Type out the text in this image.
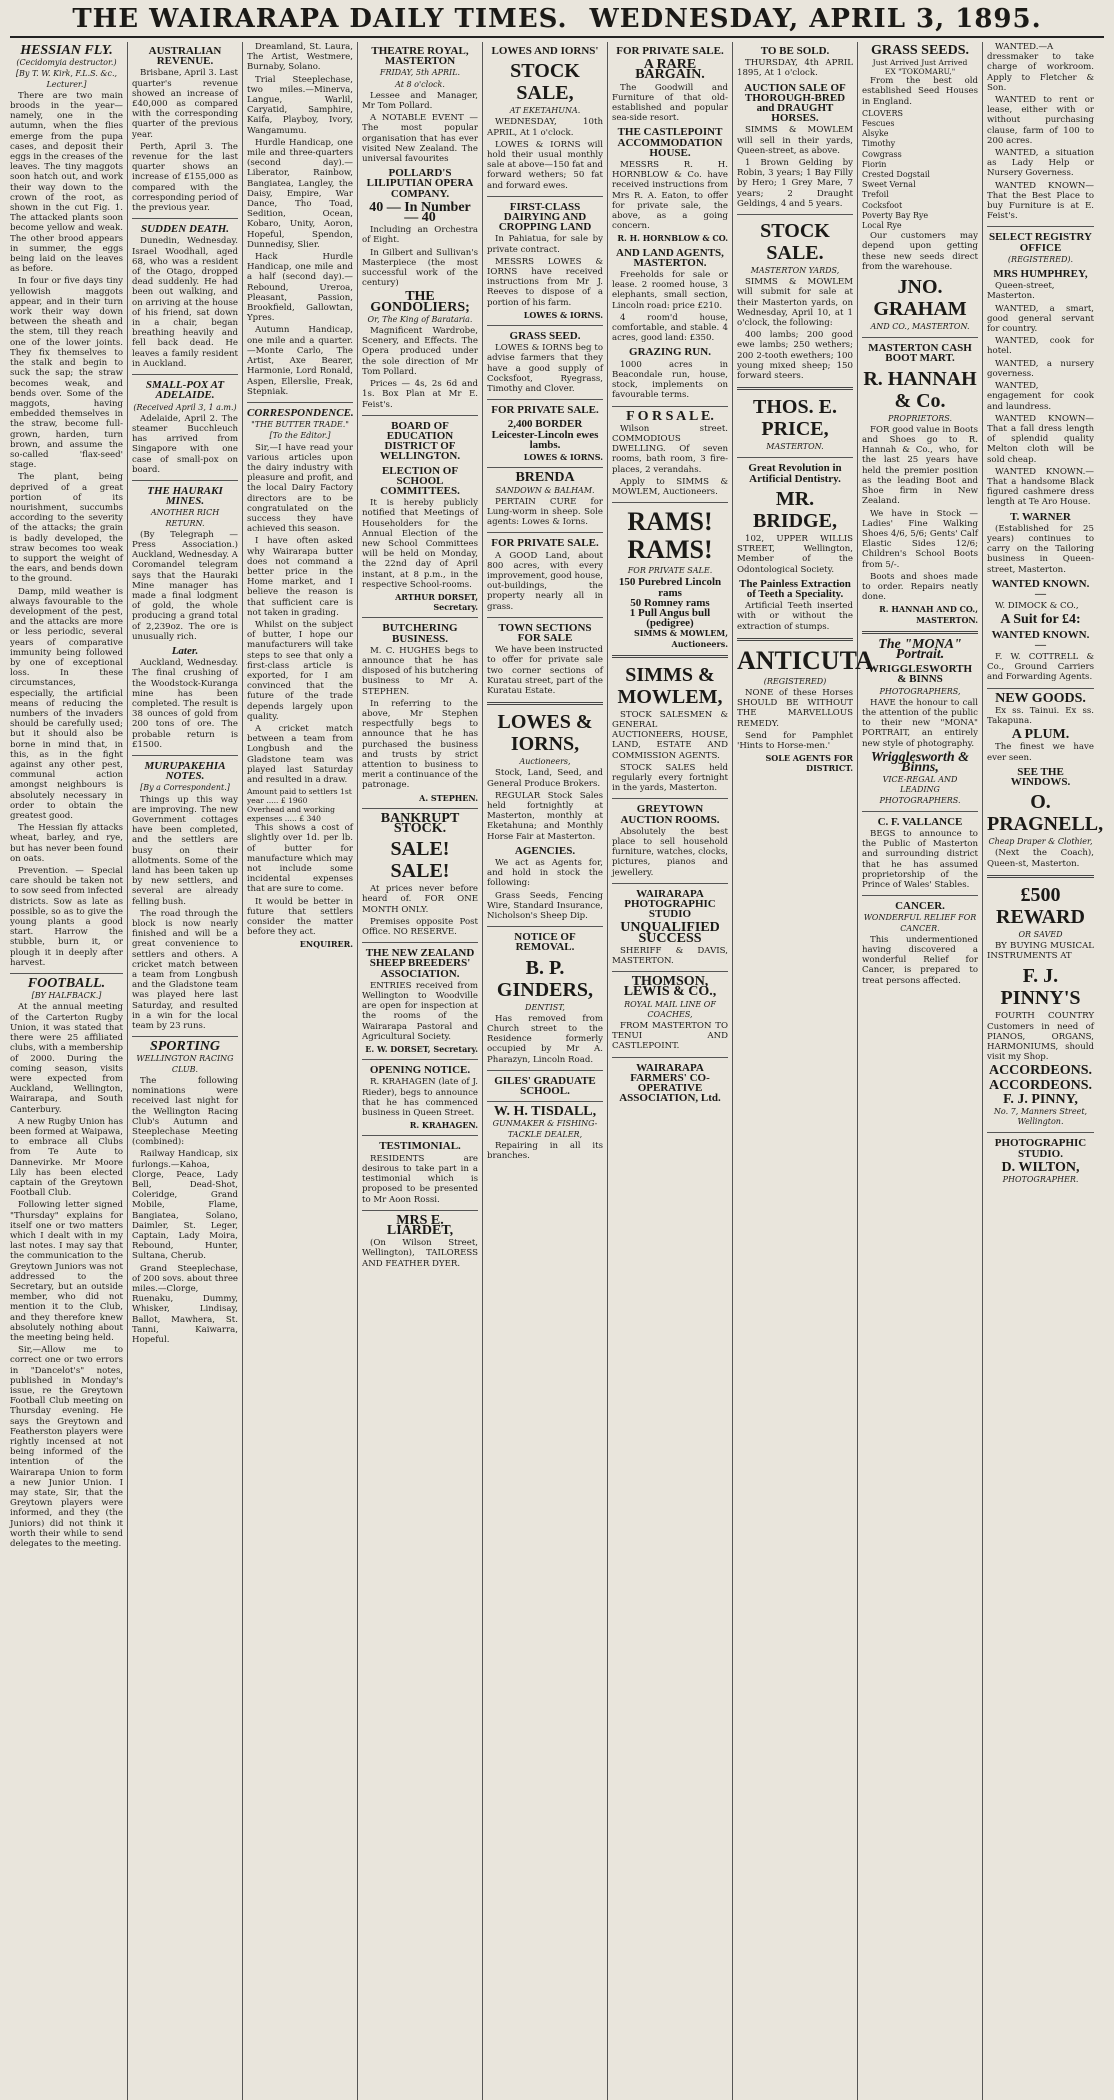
THE WAIRARAPA DAILY TIMES. WEDNESDAY, APRIL 3, 1895.
HESSIAN FLY.
(Cecidomyia destructor.)
[By T. W. Kirk, F.L.S. &c., Lecturer.]

There are two main broods in the year—namely, one in the autumn, when the flies emerge from the pupa cases, and deposit their eggs in the creases of the leaves. The tiny maggots soon hatch out, and work their way down to the crown of the root, as shown in the cut Fig. 1. The attacked plants soon become yellow and weak. The other brood appears in summer, the eggs being laid on the leaves as before.

In four or five days tiny yellowish maggots appear, and in their turn work their way down between the sheath and the stem, till they reach one of the lower joints. They fix themselves to the stalk and begin to suck the sap; the straw becomes weak, and bends over. Some of the maggots, having embedded themselves in the straw, become full-grown, harden, turn brown, and assume the so-called 'flax-seed' stage.

The plant, being deprived of a great portion of its nourishment, succumbs according to the severity of the attacks; the grain is badly developed, the straw becomes too weak to support the weight of the ears, and bends down to the ground.

Damp, mild weather is always favourable to the development of the pest, and the attacks are more or less periodic, several years of comparative immunity being followed by one of exceptional loss. In these circumstances, especially, the artificial means of reducing the numbers of the invaders should be carefully used; but it should also be borne in mind that, in this, as in the fight against any other pest, communal action amongst neighbours is absolutely necessary in order to obtain the greatest good.

The Hessian fly attacks wheat, barley, and rye, but has never been found on oats.

Prevention. — Special care should be taken not to sow seed from infected districts. Sow as late as possible, so as to give the young plants a good start. Harrow the stubble, burn it, or plough it in deeply after harvest.

FOOTBALL.
[BY HALFBACK.]

At the annual meeting of the Carterton Rugby Union, it was stated that there were 25 affiliated clubs, with a membership of 2000. During the coming season, visits were expected from Auckland, Wellington, Wairarapa, and South Canterbury.

A new Rugby Union has been formed at Waipawa, to embrace all Clubs from Te Aute to Dannevirke. Mr Moore Lily has been elected captain of the Greytown Football Club.

Following letter signed "Thursday" explains for itself one or two matters which I dealt with in my last notes. I may say that the communication to the Greytown Juniors was not addressed to the Secretary, but an outside member, who did not mention it to the Club, and they therefore knew absolutely nothing about the meeting being held.

Sir,—Allow me to correct one or two errors in "Dancelot's" notes, published in Monday's issue, re the Greytown Football Club meeting on Thursday evening. He says the Greytown and Featherston players were rightly incensed at not being informed of the intention of the Wairarapa Union to form a new Junior Union. I may state, Sir, that the Greytown players were informed, and they (the Juniors) did not think it worth their while to send delegates to the meeting.

AUSTRALIAN REVENUE.

Brisbane, April 3. Last quarter's revenue showed an increase of £40,000 as compared with the corresponding quarter of the previous year.

Perth, April 3. The revenue for the last quarter shows an increase of £155,000 as compared with the corresponding period of the previous year.

SUDDEN DEATH.

Dunedin, Wednesday. Israel Woodhall, aged 68, who was a resident of the Otago, dropped dead suddenly. He had been out walking, and on arriving at the house of his friend, sat down in a chair, began breathing heavily and fell back dead. He leaves a family resident in Auckland.

SMALL-POX AT ADELAIDE.
(Received April 3, 1 a.m.)

Adelaide, April 2. The steamer Bucchleuch has arrived from Singapore with one case of small-pox on board.

THE HAURAKI MINES.
ANOTHER RICH RETURN.

(By Telegraph — Press Association.) Auckland, Wednesday. A Coromandel telegram says that the Hauraki Mine manager has made a final lodgment of gold, the whole producing a grand total of 2,239oz. The ore is unusually rich.

Later.

Auckland, Wednesday. The final crushing of the Woodstock-Kuranga mine has been completed. The result is 38 ounces of gold from 200 tons of ore. The probable return is £1500.

MURUPAKEHIA NOTES.
[By a Correspondent.]

Things up this way are improving. The new Government cottages have been completed, and the settlers are busy on their allotments. Some of the land has been taken up by new settlers, and several are already felling bush.

The road through the block is now nearly finished and will be a great convenience to settlers and others. A cricket match between a team from Longbush and the Gladstone team was played here last Saturday, and resulted in a win for the local team by 23 runs.

SPORTING
WELLINGTON RACING CLUB.

The following nominations were received last night for the Wellington Racing Club's Autumn and Steeplechase Meeting (combined):

Railway Handicap, six furlongs.—Kahoa, Clorge, Peace, Lady Bell, Dead-Shot, Coleridge, Grand Mobile, Flame, Bangiatea, Solano, Daimler, St. Leger, Captain, Lady Moira, Rebound, Hunter, Sultana, Cherub.

Grand Steeplechase, of 200 sovs. about three miles.—Clorge, Ruenaku, Dummy, Whisker, Lindisay, Ballot, Mawhera, St. Tanni, Kaiwarra, Hopeful.

Dreamland, St. Laura, The Artist, Westmere, Burnaby, Solano.

Trial Steeplechase, two miles.—Minerva, Langue, Warlil, Caryatid, Samphire, Kaifa, Playboy, Ivory, Wangamumu.

Hurdle Handicap, one mile and three-quarters (second day).—Liberator, Rainbow, Bangiatea, Langley, the Daisy, Empire, War Dance, Tho Toad, Sedition, Ocean, Kobaro, Unity, Aoron, Hopeful, Spendon, Dunnedisy, Slier.

Hack Hurdle Handicap, one mile and a half (second day).—Rebound, Ureroa, Pleasant, Passion, Brookfield, Gallowtan, Ypres.

Autumn Handicap, one mile and a quarter.—Monte Carlo, The Artist, Axe Bearer, Harmonie, Lord Ronald, Aspen, Ellerslie, Freak, Stepniak.

CORRESPONDENCE.
"THE BUTTER TRADE."
[To the Editor.]

Sir,—I have read your various articles upon the dairy industry with pleasure and profit, and the local Dairy Factory directors are to be congratulated on the success they have achieved this season.

I have often asked why Wairarapa butter does not command a better price in the Home market, and I believe the reason is that sufficient care is not taken in grading.

Whilst on the subject of butter, I hope our manufacturers will take steps to see that only a first-class article is exported, for I am convinced that the future of the trade depends largely upon quality.

A cricket match between a team from Longbush and the Gladstone team was played last Saturday and resulted in a draw.

Amount paid to settlers 1st year ..... £ 1960
Overhead and working expenses ..... £ 340

This shows a cost of slightly over 1d. per lb. of butter for manufacture which may not include some incidental expenses that are sure to come.

It would be better in future that settlers consider the matter before they act.

ENQUIRER.
THEATRE ROYAL, MASTERTON
FRIDAY, 5th APRIL.
At 8 o'clock.

Lessee and Manager, Mr Tom Pollard.

A NOTABLE EVENT — The most popular organisation that has ever visited New Zealand. The universal favourites

POLLARD'S LILIPUTIAN OPERA COMPANY.
40 — In Number — 40

Including an Orchestra of Eight.

In Gilbert and Sullivan's Masterpiece (the most successful work of the century)

THE GONDOLIERS;
Or, The King of Barataria.

Magnificent Wardrobe, Scenery, and Effects. The Opera produced under the sole direction of Mr Tom Pollard.

Prices — 4s, 2s 6d and 1s. Box Plan at Mr E. Feist's.

BOARD OF EDUCATION DISTRICT OF WELLINGTON.
ELECTION OF SCHOOL COMMITTEES.

It is hereby publicly notified that Meetings of Householders for the Annual Election of the new School Committees will be held on Monday, the 22nd day of April instant, at 8 p.m., in the respective School-rooms.

ARTHUR DORSET, Secretary.
BUTCHERING BUSINESS.

M. C. HUGHES begs to announce that he has disposed of his butchering business to Mr A. STEPHEN.

In referring to the above, Mr Stephen respectfully begs to announce that he has purchased the business and trusts by strict attention to business to merit a continuance of the patronage.

A. STEPHEN.
BANKRUPT STOCK.
SALE! SALE!

At prices never before heard of. FOR ONE MONTH ONLY.

Premises opposite Post Office. NO RESERVE.

THE NEW ZEALAND SHEEP BREEDERS' ASSOCIATION.

ENTRIES received from Wellington to Woodville are open for inspection at the rooms of the Wairarapa Pastoral and Agricultural Society.

E. W. DORSET, Secretary.
OPENING NOTICE.

R. KRAHAGEN (late of J. Rieder), begs to announce that he has commenced business in Queen Street.

R. KRAHAGEN.
TESTIMONIAL.

RESIDENTS are desirous to take part in a testimonial which is proposed to be presented to Mr Aoon Rossi.

MRS E. LIARDET,

(On Wilson Street, Wellington), TAILORESS AND FEATHER DYER.

LOWES AND IORNS'
STOCK SALE,
AT EKETAHUNA.

WEDNESDAY, 10th APRIL, At 1 o'clock.

LOWES & IORNS will hold their usual monthly sale at above—150 fat and forward wethers; 50 fat and forward ewes.

FIRST-CLASS DAIRYING AND CROPPING LAND

In Pahiatua, for sale by private contract.

MESSRS LOWES & IORNS have received instructions from Mr J. Reeves to dispose of a portion of his farm.

LOWES & IORNS.
GRASS SEED.

LOWES & IORNS beg to advise farmers that they have a good supply of Cocksfoot, Ryegrass, Timothy and Clover.

FOR PRIVATE SALE.
2,400 BORDER Leicester-Lincoln ewes lambs.
LOWES & IORNS.
BRENDA
SANDOWN & BALHAM.

PERTAIN CURE for Lung-worm in sheep. Sole agents: Lowes & Iorns.

FOR PRIVATE SALE.

A GOOD Land, about 800 acres, with every improvement, good house, out-buildings, the property nearly all in grass.

TOWN SECTIONS FOR SALE

We have been instructed to offer for private sale two corner sections of Kuratau street, part of the Kuratau Estate.

LOWES & IORNS,
Auctioneers,

Stock, Land, Seed, and General Produce Brokers.

REGULAR Stock Sales held fortnightly at Masterton, monthly at Eketahuna; and Monthly Horse Fair at Masterton.

AGENCIES.

We act as Agents for, and hold in stock the following:

Grass Seeds, Fencing Wire, Standard Insurance, Nicholson's Sheep Dip.

NOTICE OF REMOVAL.
B. P. GINDERS,
DENTIST,

Has removed from Church street to the Residence formerly occupied by Mr A. Pharazyn, Lincoln Road.

GILES' GRADUATE SCHOOL.
W. H. TISDALL,
GUNMAKER & FISHING-TACKLE DEALER,

Repairing in all its branches.

FOR PRIVATE SALE.
A RARE BARGAIN.

The Goodwill and Furniture of that old-established and popular sea-side resort.

THE CASTLEPOINT ACCOMMODATION HOUSE.

MESSRS R. H. HORNBLOW & Co. have received instructions from Mrs R. A. Eaton, to offer for private sale, the above, as a going concern.

R. H. HORNBLOW & CO.
AND LAND AGENTS, MASTERTON.

Freeholds for sale or lease. 2 roomed house, 3 elephants, small section, Lincoln road: price £210.

4 room'd house, comfortable, and stable. 4 acres, good land: £350.

GRAZING RUN.

1000 acres in Beacondale run, house, stock, implements on favourable terms.

F O R S A L E.

Wilson street. COMMODIOUS DWELLING. Of seven rooms, bath room, 3 fire-places, 2 verandahs.

Apply to SIMMS & MOWLEM, Auctioneers.

RAMS! RAMS!
FOR PRIVATE SALE.
150 Purebred Lincoln rams
50 Romney rams
1 Pull Angus bull (pedigree)
SIMMS & MOWLEM, Auctioneers.
SIMMS & MOWLEM,

STOCK SALESMEN & GENERAL AUCTIONEERS, HOUSE, LAND, ESTATE AND COMMISSION AGENTS.

STOCK SALES held regularly every fortnight in the yards, Masterton.

GREYTOWN AUCTION ROOMS.

Absolutely the best place to sell household furniture, watches, clocks, pictures, pianos and jewellery.

WAIRARAPA PHOTOGRAPHIC STUDIO
UNQUALIFIED SUCCESS

SHERIFF & DAVIS, MASTERTON.

THOMSON, LEWIS & CO.,
ROYAL MAIL LINE OF COACHES,

FROM MASTERTON TO TENUI AND CASTLEPOINT.

WAIRARAPA FARMERS' CO-OPERATIVE ASSOCIATION, Ltd.
TO BE SOLD.

THURSDAY, 4th APRIL 1895, At 1 o'clock.

AUCTION SALE OF THOROUGH-BRED and DRAUGHT HORSES.

SIMMS & MOWLEM will sell in their yards, Queen-street, as above.

1 Brown Gelding by Robin, 3 years; 1 Bay Filly by Hero; 1 Grey Mare, 7 years; 2 Draught Geldings, 4 and 5 years.

STOCK SALE.
MASTERTON YARDS,

SIMMS & MOWLEM will submit for sale at their Masterton yards, on Wednesday, April 10, at 1 o'clock, the following:

400 lambs; 200 good ewe lambs; 250 wethers; 200 2-tooth ewethers; 100 young mixed sheep; 150 forward steers.

THOS. E. PRICE,
MASTERTON.
Great Revolution in Artificial Dentistry.
MR. BRIDGE,

102, UPPER WILLIS STREET, Wellington, Member of the Odontological Society.

The Painless Extraction of Teeth a Speciality.

Artificial Teeth inserted with or without the extraction of stumps.

ANTICUTA
(REGISTERED)

NONE of these Horses SHOULD BE WITHOUT THE MARVELLOUS REMEDY.

Send for Pamphlet 'Hints to Horse-men.'

SOLE AGENTS FOR DISTRICT.
GRASS SEEDS.
Just Arrived Just Arrived
EX "TOKOMARU,"

From the best old established Seed Houses in England.

CLOVERS
Fescues
Alsyke
Timothy
Cowgrass
Fiorin
Crested Dogstail
Sweet Vernal
Trefoil
Cocksfoot
Poverty Bay Rye
Local Rye

Our customers may depend upon getting these new seeds direct from the warehouse.

JNO. GRAHAM
AND CO., MASTERTON.
MASTERTON CASH BOOT MART.
R. HANNAH & Co.
PROPRIETORS.

FOR good value in Boots and Shoes go to R. Hannah & Co., who, for the last 25 years have held the premier position as the leading Boot and Shoe firm in New Zealand.

We have in Stock — Ladies' Fine Walking Shoes 4/6, 5/6; Gents' Calf Elastic Sides 12/6; Children's School Boots from 5/-.

Boots and shoes made to order. Repairs neatly done.

R. HANNAH AND CO., MASTERTON.
The "MONA" Portrait.
WRIGGLESWORTH & BINNS
PHOTOGRAPHERS,

HAVE the honour to call the attention of the public to their new "MONA" PORTRAIT, an entirely new style of photography.

Wrigglesworth & Binns,
VICE-REGAL AND LEADING PHOTOGRAPHERS.
C. F. VALLANCE

BEGS to announce to the Public of Masterton and surrounding district that he has assumed proprietorship of the Prince of Wales' Stables.

CANCER.
WONDERFUL RELIEF FOR CANCER.

This undermentioned having discovered a wonderful Relief for Cancer, is prepared to treat persons affected.

WANTED.—A dressmaker to take charge of workroom. Apply to Fletcher & Son.

WANTED to rent or lease, either with or without purchasing clause, farm of 100 to 200 acres.

WANTED, a situation as Lady Help or Nursery Governess.

WANTED KNOWN—That the Best Place to buy Furniture is at E. Feist's.

SELECT REGISTRY OFFICE
(REGISTERED).
MRS HUMPHREY,

Queen-street, Masterton.

WANTED, a smart, good general servant for country.

WANTED, cook for hotel.

WANTED, a nursery governess.

WANTED, engagement for cook and laundress.

WANTED KNOWN—That a fall dress length of splendid quality Melton cloth will be sold cheap.

WANTED KNOWN.—That a handsome Black figured cashmere dress length at Te Aro House.

T. WARNER

(Established for 25 years) continues to carry on the Tailoring business in Queen-street, Masterton.

WANTED KNOWN.—

W. DIMOCK & CO.,

A Suit for £4:
WANTED KNOWN.—

F. W. COTTRELL & Co., Ground Carriers and Forwarding Agents.

NEW GOODS.

Ex ss. Tainui. Ex ss. Takapuna.

A PLUM.

The finest we have ever seen.

SEE THE WINDOWS.
O. PRAGNELL,
Cheap Draper & Clothier,

(Next the Coach), Queen-st, Masterton.

£500 REWARD
OR SAVED

BY BUYING MUSICAL INSTRUMENTS AT

F. J. PINNY'S

FOURTH COUNTRY Customers in need of PIANOS, ORGANS, HARMONIUMS, should visit my Shop.

ACCORDEONS.
ACCORDEONS.
F. J. PINNY,
No. 7, Manners Street, Wellington.
PHOTOGRAPHIC STUDIO.
D. WILTON,
PHOTOGRAPHER.
